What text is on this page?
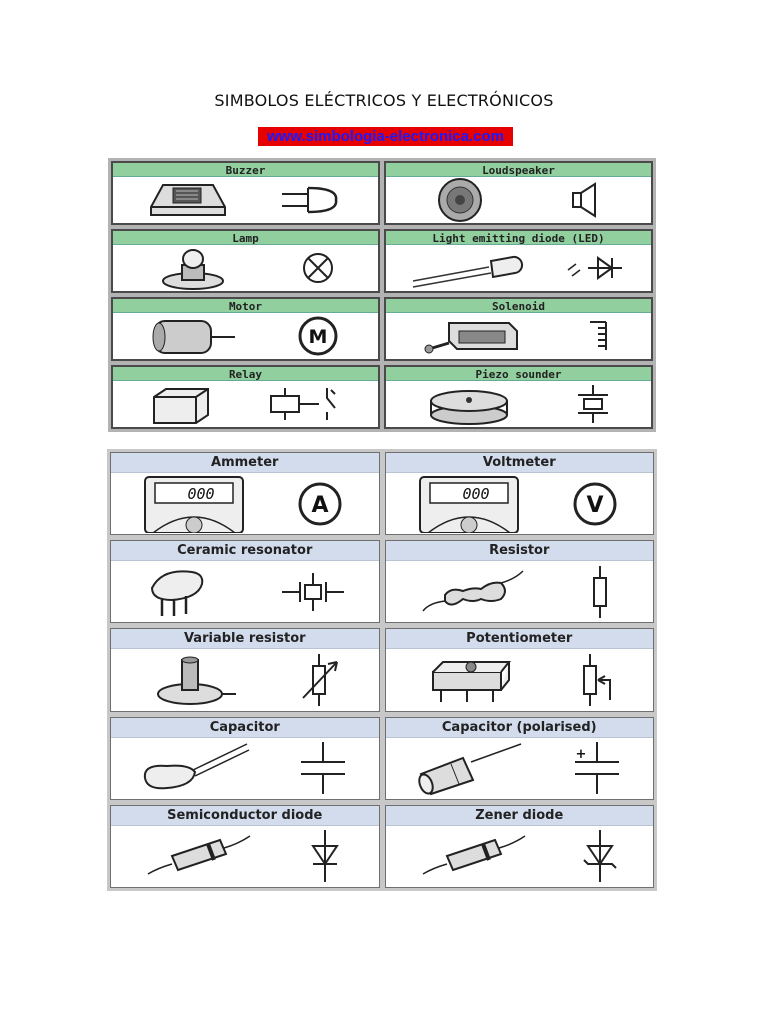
SIMBOLOS ELÉCTRICOS Y ELECTRÓNICOS
www.simbologia-electronica.com
Buzzer	Loudspeaker
Lamp	Light emitting diode (LED)
Motor
M
Solenoid
Relay	Piezo sounder
Ammeter
000	A
Voltmeter
000	V
Ceramic resonator	Resistor
Variable resistor	Potentiometer
Capacitor	Capacitor (polarised)
+
Semiconductor diode	Zener diode
